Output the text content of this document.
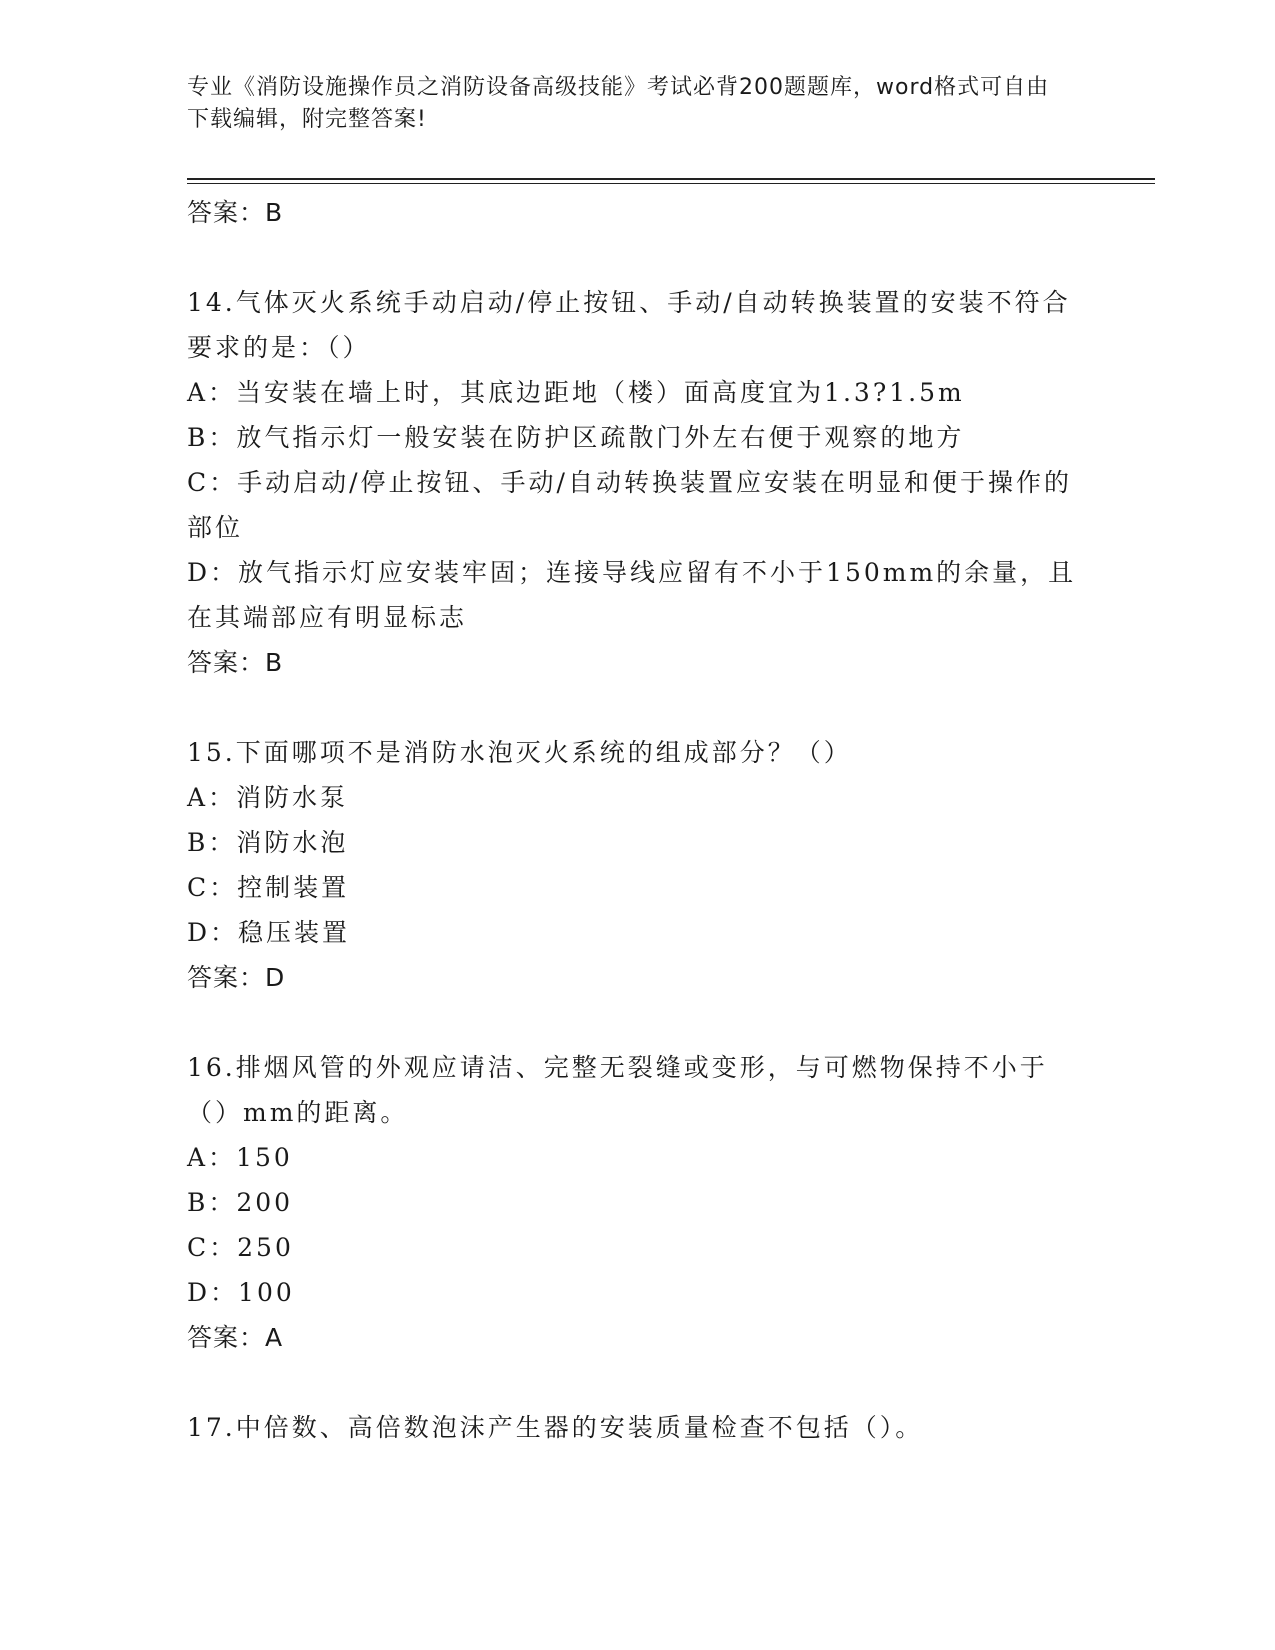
专业《消防设施操作员之消防设备高级技能》考试必背200题题库，word格式可自由下载编辑，附完整答案!
答案：B
14.气体灭火系统手动启动/停止按钮、手动/自动转换装置的安装不符合要求的是：（）
A：当安装在墙上时，其底边距地（楼）面高度宜为1.3?1.5m
B：放气指示灯一般安装在防护区疏散门外左右便于观察的地方
C：手动启动/停止按钮、手动/自动转换装置应安装在明显和便于操作的部位
D：放气指示灯应安装牢固；连接导线应留有不小于150mm的余量，且在其端部应有明显标志
答案：B
15.下面哪项不是消防水泡灭火系统的组成部分？（）
A：消防水泵
B：消防水泡
C：控制装置
D：稳压装置
答案：D
16.排烟风管的外观应请洁、完整无裂缝或变形，与可燃物保持不小于（）mm的距离。
A：150
B：200
C：250
D：100
答案：A
17.中倍数、高倍数泡沫产生器的安装质量检查不包括（）。
